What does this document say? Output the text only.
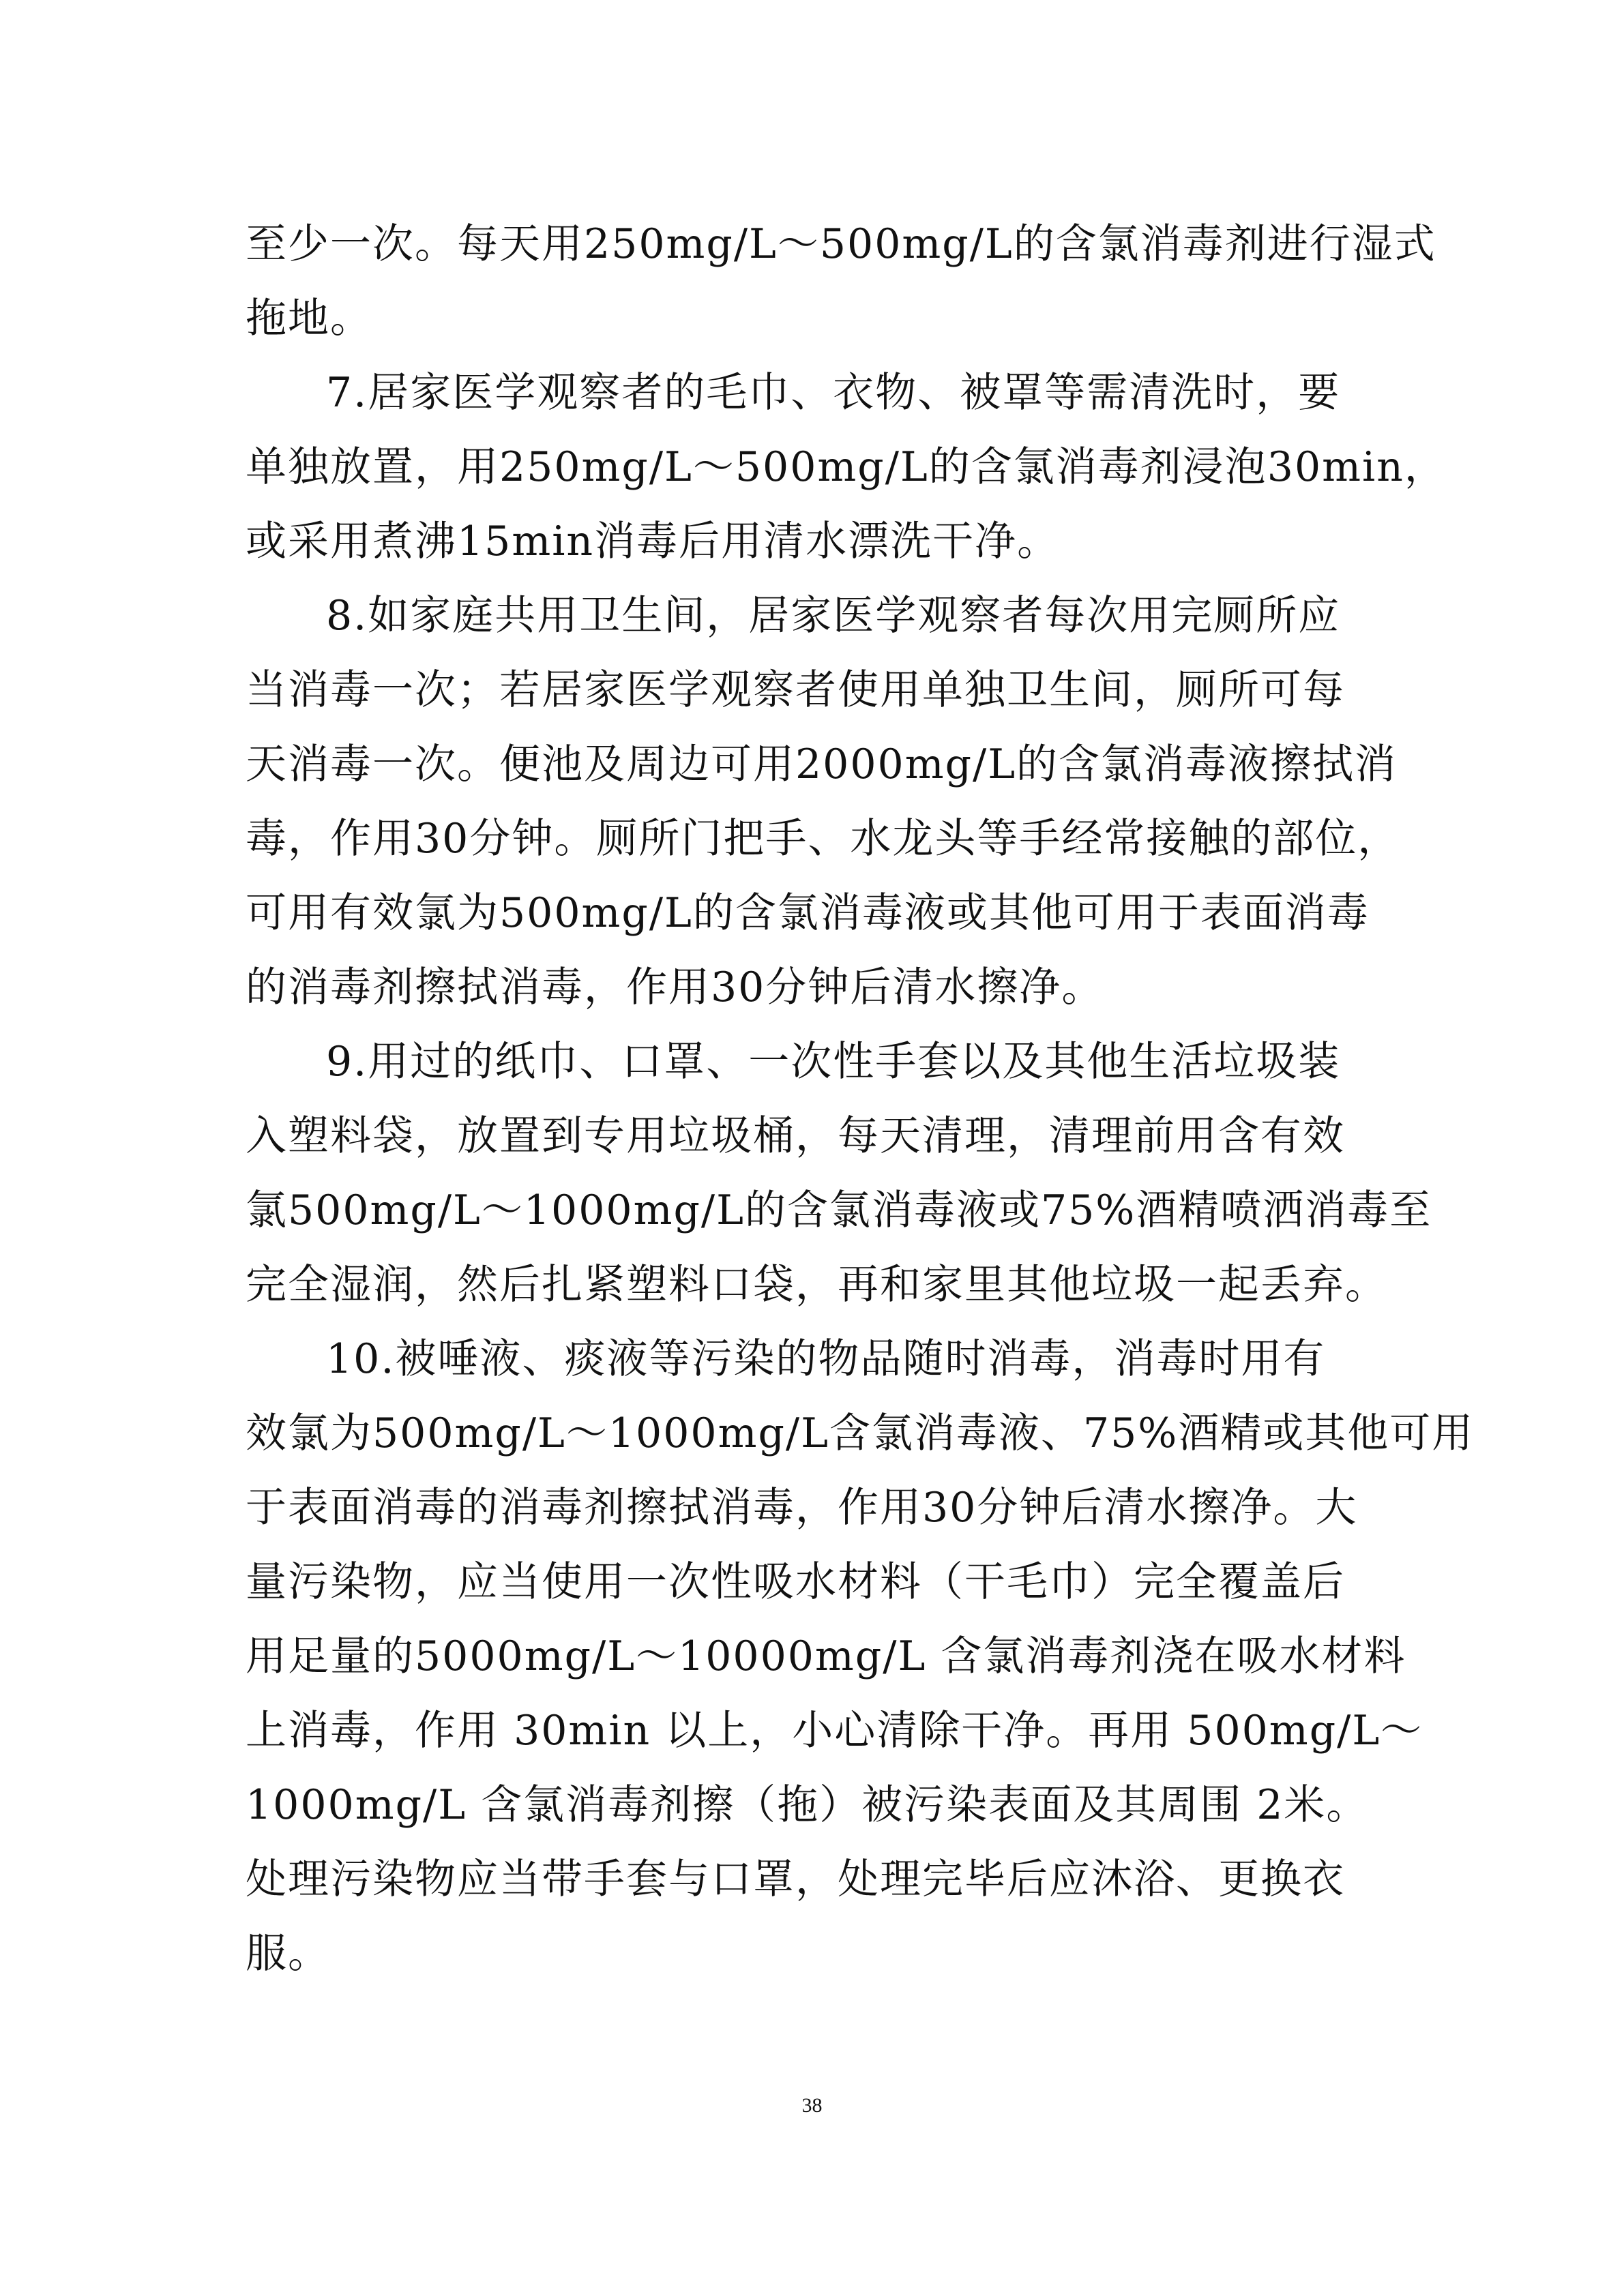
至少一次。每天用250mg/L～500mg/L的含氯消毒剂进行湿式
拖地。
7.居家医学观察者的毛巾、衣物、被罩等需清洗时，要
单独放置，用250mg/L～500mg/L的含氯消毒剂浸泡30min，
或采用煮沸15min消毒后用清水漂洗干净。
8.如家庭共用卫生间，居家医学观察者每次用完厕所应
当消毒一次；若居家医学观察者使用单独卫生间，厕所可每
天消毒一次。便池及周边可用2000mg/L的含氯消毒液擦拭消
毒，作用30分钟。厕所门把手、水龙头等手经常接触的部位，
可用有效氯为500mg/L的含氯消毒液或其他可用于表面消毒
的消毒剂擦拭消毒，作用30分钟后清水擦净。
9.用过的纸巾、口罩、一次性手套以及其他生活垃圾装
入塑料袋，放置到专用垃圾桶，每天清理，清理前用含有效
氯500mg/L～1000mg/L的含氯消毒液或75%酒精喷洒消毒至
完全湿润，然后扎紧塑料口袋，再和家里其他垃圾一起丢弃。
10.被唾液、痰液等污染的物品随时消毒，消毒时用有
效氯为500mg/L～1000mg/L含氯消毒液、75%酒精或其他可用
于表面消毒的消毒剂擦拭消毒，作用30分钟后清水擦净。大
量污染物，应当使用一次性吸水材料（干毛巾）完全覆盖后
用足量的5000mg/L～10000mg/L 含氯消毒剂浇在吸水材料
上消毒，作用 30min 以上，小心清除干净。再用 500mg/L～
1000mg/L 含氯消毒剂擦（拖）被污染表面及其周围 2米。
处理污染物应当带手套与口罩，处理完毕后应沐浴、更换衣
服。
38
